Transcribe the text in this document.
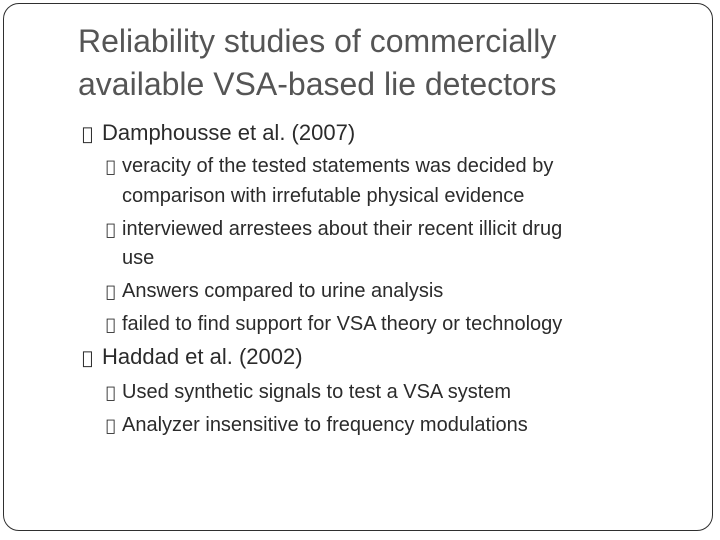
Reliability studies of commercially
available VSA-based lie detectors
Damphousse et al. (2007)
veracity of the tested statements was decided by
comparison with irrefutable physical evidence
interviewed arrestees about their recent illicit drug
use
Answers compared to urine analysis
failed to find support for VSA theory or technology
Haddad et al. (2002)
Used synthetic signals to test a VSA system
Analyzer insensitive to frequency modulations
